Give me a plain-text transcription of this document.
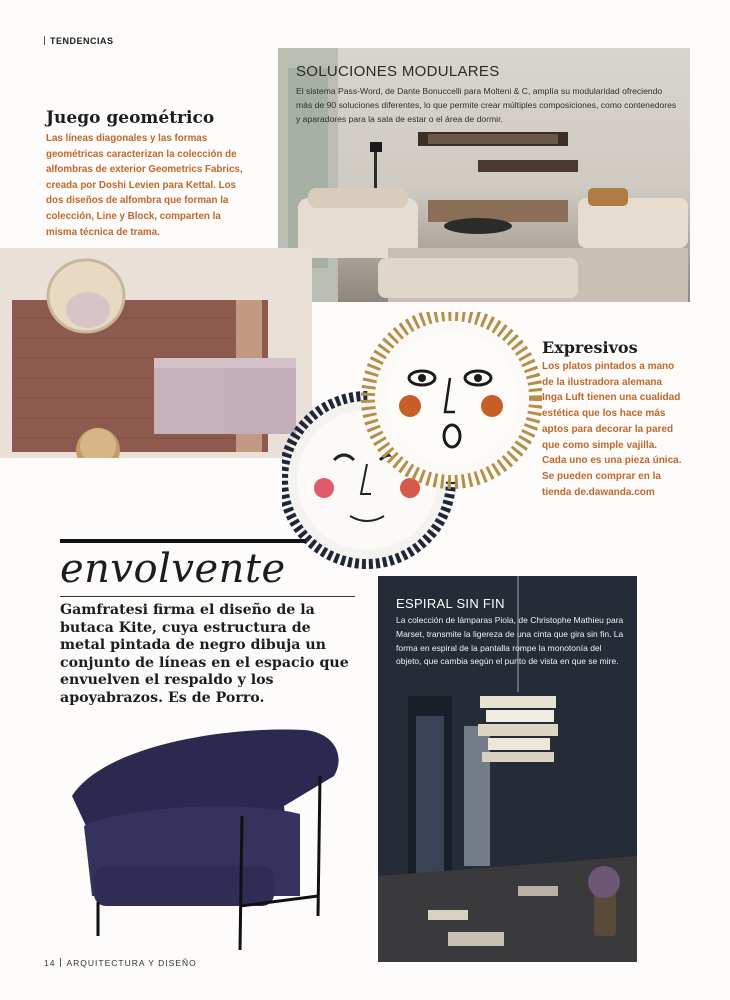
TENDENCIAS
SOLUCIONES MODULARES
El sistema Pass-Word, de Dante Bonuccelli para Molteni & C, amplía su modularidad ofreciendo más de 90 soluciones diferentes, lo que permite crear múltiples composiciones, como contenedores y aparadores para la sala de estar o el área de dormir.
Juego geométrico
Las líneas diagonales y las formas geométricas caracterizan la colección de alfombras de exterior Geometrics Fabrics, creada por Doshi Levien para Kettal. Los dos diseños de alfombra que forman la colección, Line y Block, comparten la misma técnica de trama.
Expresivos
Los platos pintados a mano de la ilustradora alemana Inga Luft tienen una cualidad estética que los hace más aptos para decorar la pared que como simple vajilla. Cada uno es una pieza única. Se pueden comprar en la tienda de.dawanda.com
envolvente
Gamfratesi firma el diseño de la butaca Kite, cuya estructura de metal pintada de negro dibuja un conjunto de líneas en el espacio que envuelven el respaldo y los apoyabrazos. Es de Porro.
ESPIRAL SIN FIN
La colección de lámparas Piola, de Christophe Mathieu para Marset, transmite la ligereza de una cinta que gira sin fin. La forma en espiral de la pantalla rompe la monotonía del objeto, que cambia según el punto de vista en que se mire.
14 ARQUITECTURA Y DISEÑO
